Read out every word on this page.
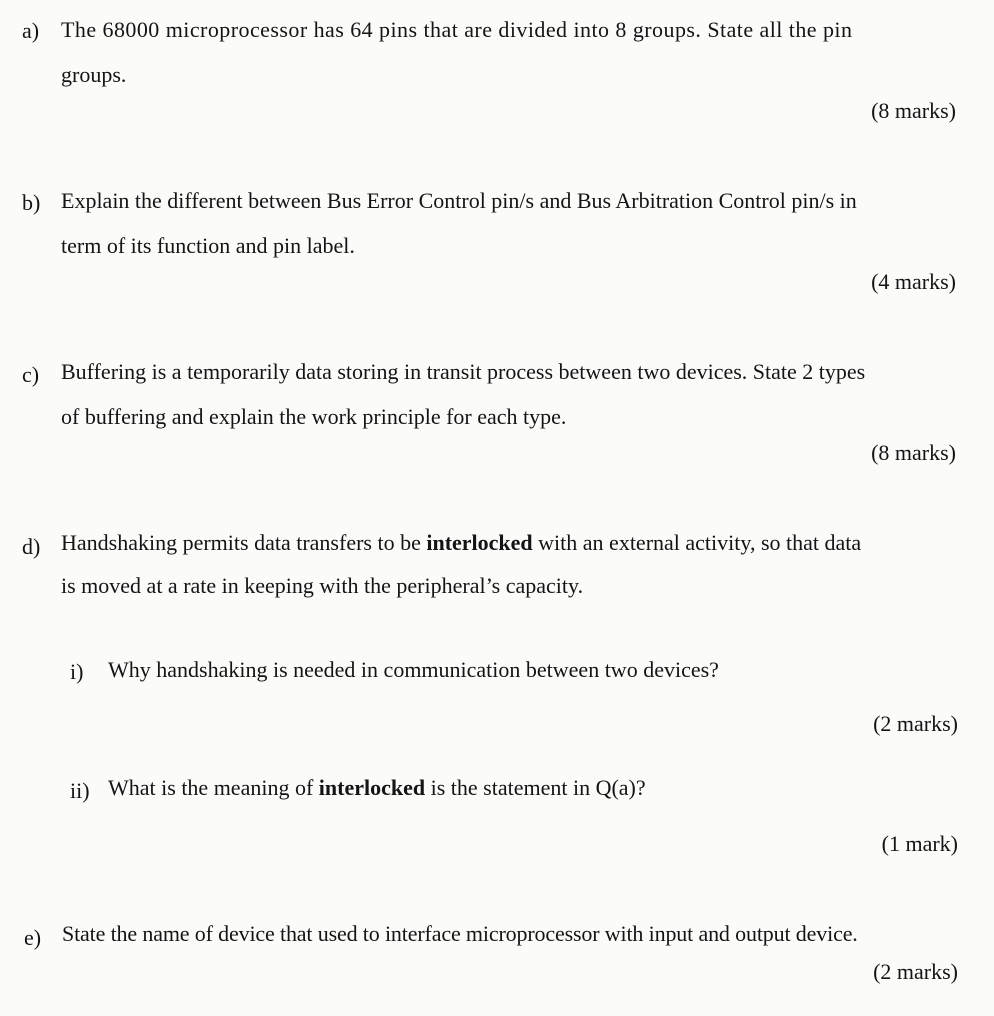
a) The 68000 microprocessor has 64 pins that are divided into 8 groups. State all the pin
groups.
(8 marks)
b) Explain the different between Bus Error Control pin/s and Bus Arbitration Control pin/s in
term of its function and pin label.
(4 marks)
c) Buffering is a temporarily data storing in transit process between two devices. State 2 types
of buffering and explain the work principle for each type.
(8 marks)
d) Handshaking permits data transfers to be interlocked with an external activity, so that data
is moved at a rate in keeping with the peripheral’s capacity.
i) Why handshaking is needed in communication between two devices?
(2 marks)
ii) What is the meaning of interlocked is the statement in Q(a)?
(1 mark)
e) State the name of device that used to interface microprocessor with input and output device.
(2 marks)
